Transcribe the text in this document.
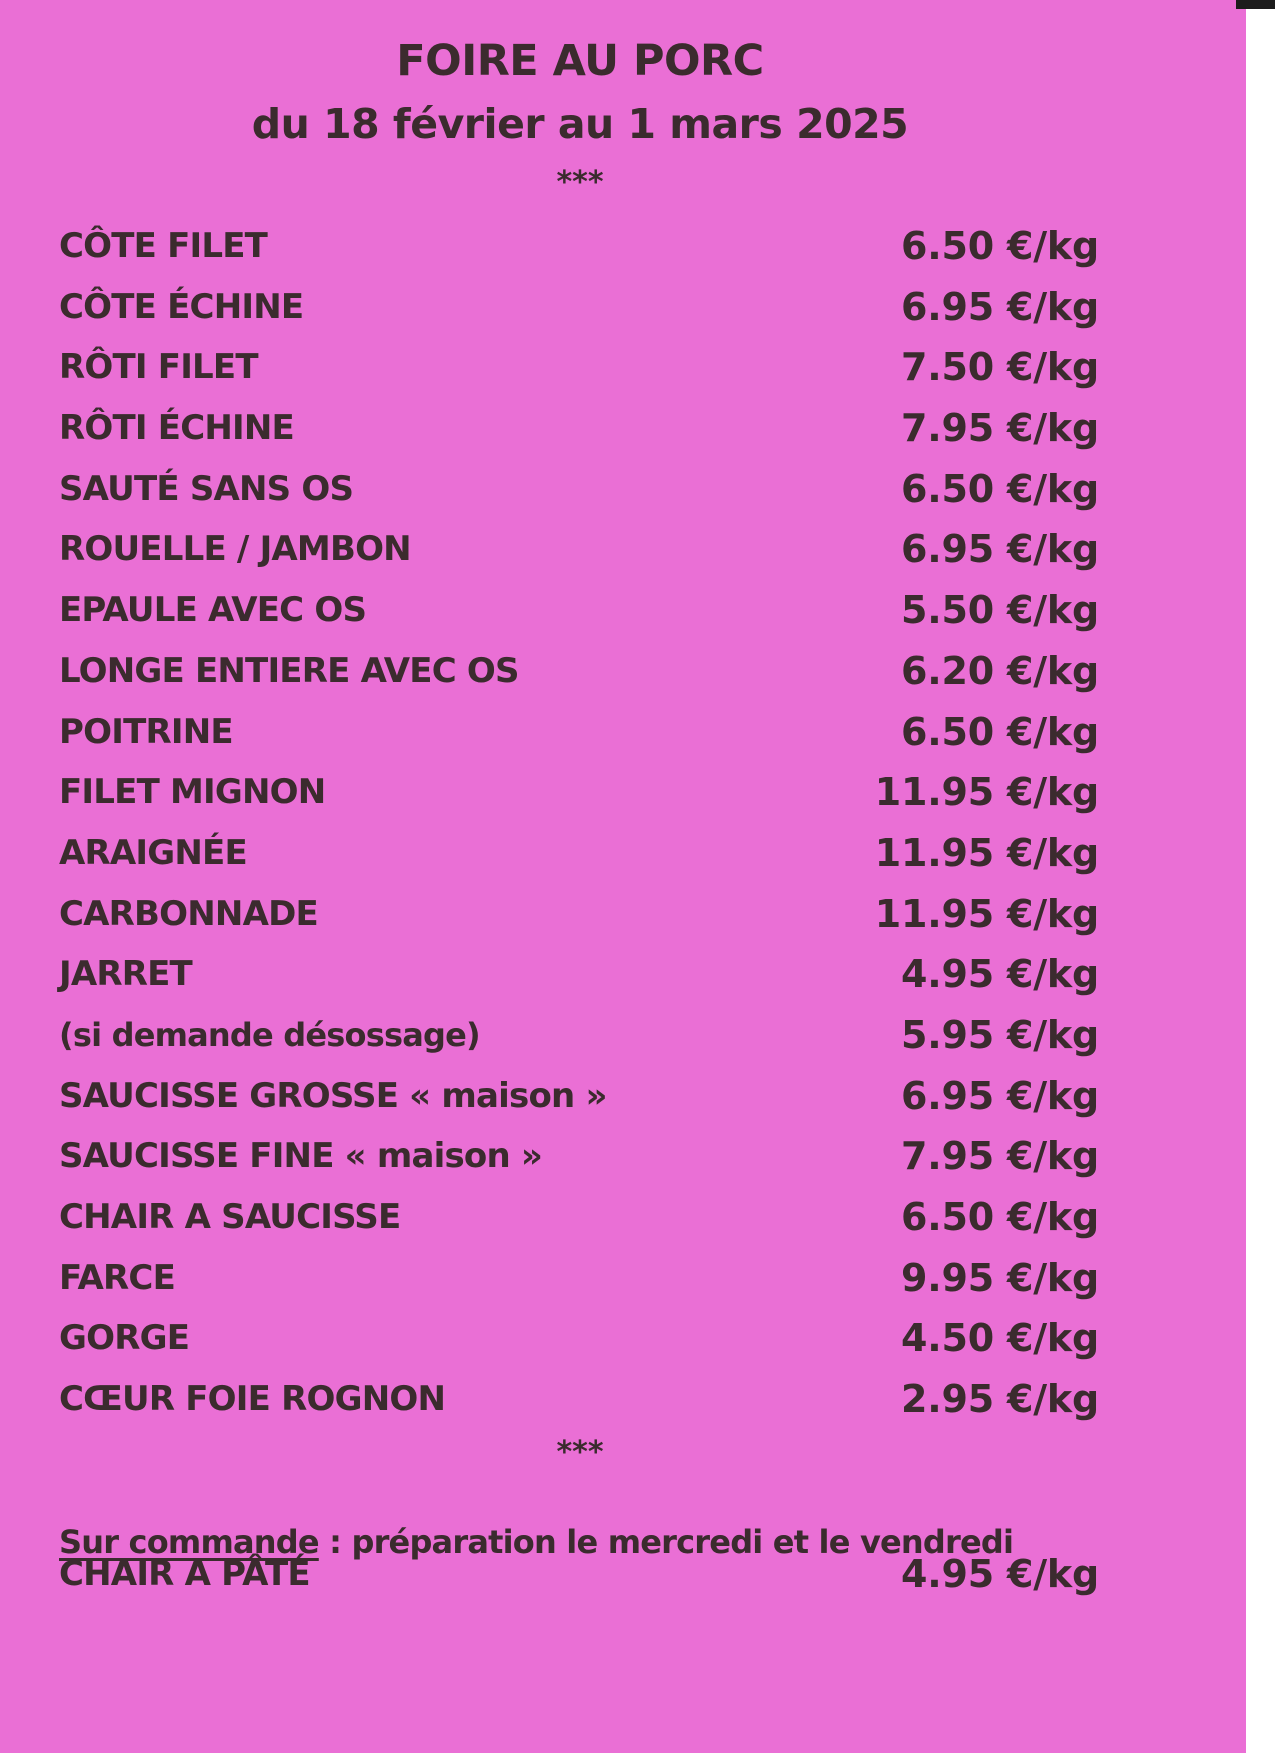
FOIRE AU PORC
du 18 février au 1 mars 2025
***
CÔTE FILET	6.50 €/kg
CÔTE ÉCHINE	6.95 €/kg
RÔTI FILET	7.50 €/kg
RÔTI ÉCHINE	7.95 €/kg
SAUTÉ SANS OS	6.50 €/kg
ROUELLE / JAMBON	6.95 €/kg
EPAULE AVEC OS	5.50 €/kg
LONGE ENTIERE AVEC OS	6.20 €/kg
POITRINE	6.50 €/kg
FILET MIGNON	11.95 €/kg
ARAIGNÉE	11.95 €/kg
CARBONNADE	11.95 €/kg
JARRET	4.95 €/kg
(si demande désossage)	5.95 €/kg
SAUCISSE GROSSE « maison »	6.95 €/kg
SAUCISSE FINE « maison »	7.95 €/kg
CHAIR A SAUCISSE	6.50 €/kg
FARCE	9.95 €/kg
GORGE	4.50 €/kg
CŒUR FOIE ROGNON	2.95 €/kg
***

Sur commande : préparation le mercredi et le vendredi

CHAIR A PÂTÉ	4.95 €/kg
